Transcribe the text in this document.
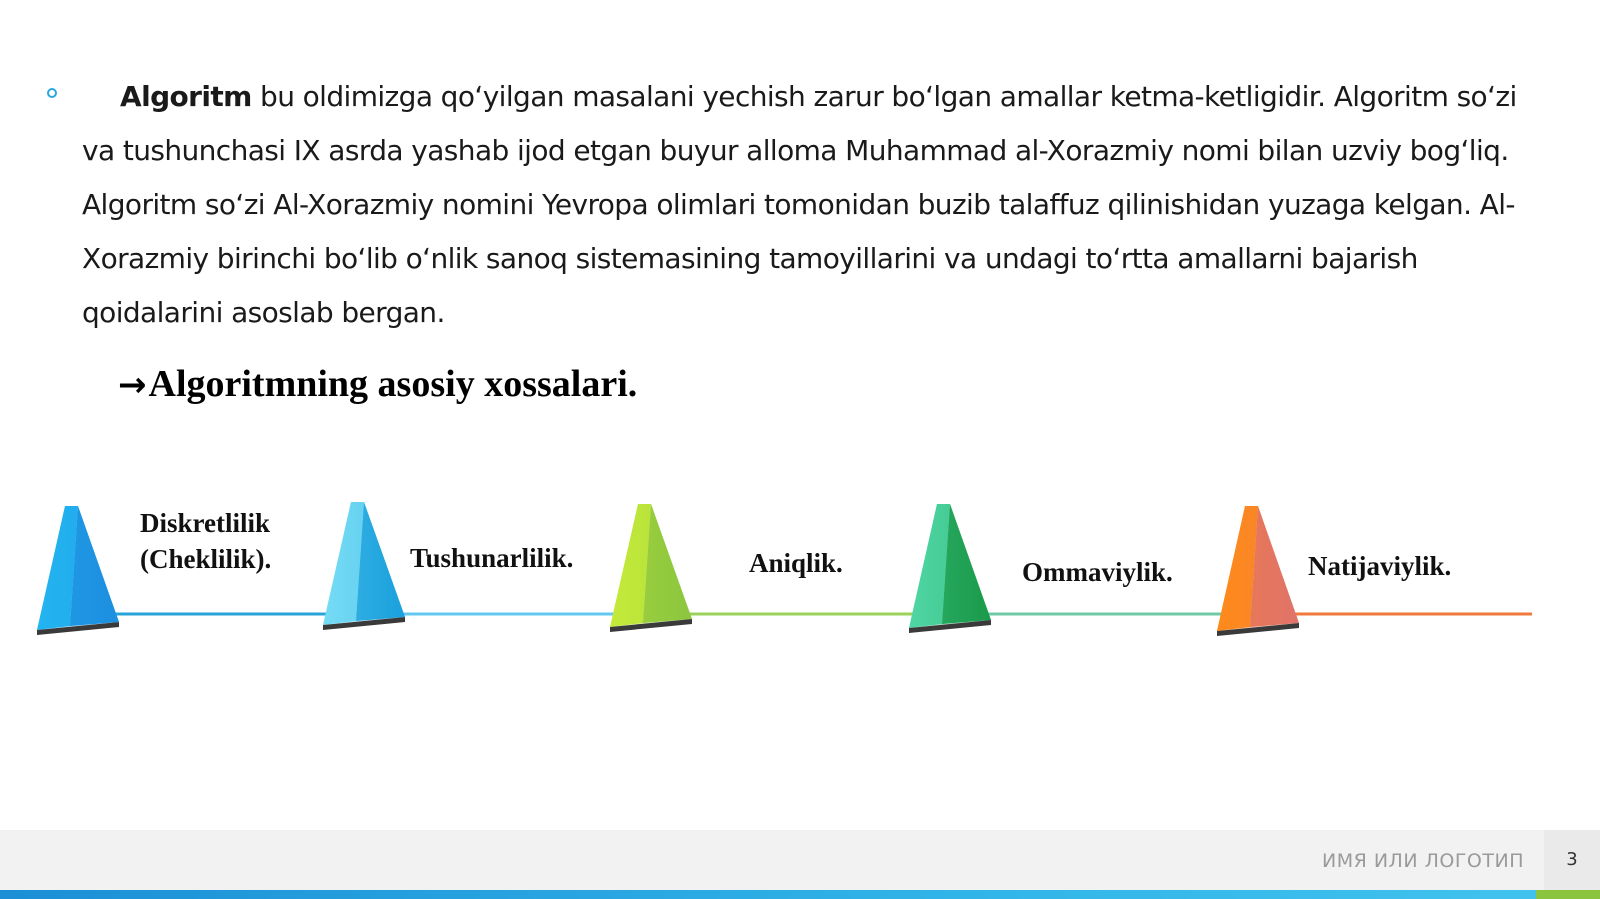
Algoritm bu oldimizga qoʻyilgan masalani yechish zarur boʻlgan amallar ketma-ketligidir. Algoritm soʻzi va tushunchasi IX asrda yashab ijod etgan buyur alloma Muhammad al-Xorazmiy nomi bilan uzviy bogʻliq. Algoritm soʻzi Al-Xorazmiy nomini Yevropa olimlari tomonidan buzib talaffuz qilinishidan yuzaga kelgan. Al-Xorazmiy birinchi boʻlib oʻnlik sanoq sistemasining tamoyillarini va undagi toʻrtta amallarni bajarish qoidalarini asoslab bergan.

→Algoritmning asosiy xossalari.
Diskretlilik
(Cheklilik).	Tushunarlilik.	Aniqlik.	Ommaviylik.	Natijaviylik.
ИМЯ ИЛИ ЛОГОТИП	3
